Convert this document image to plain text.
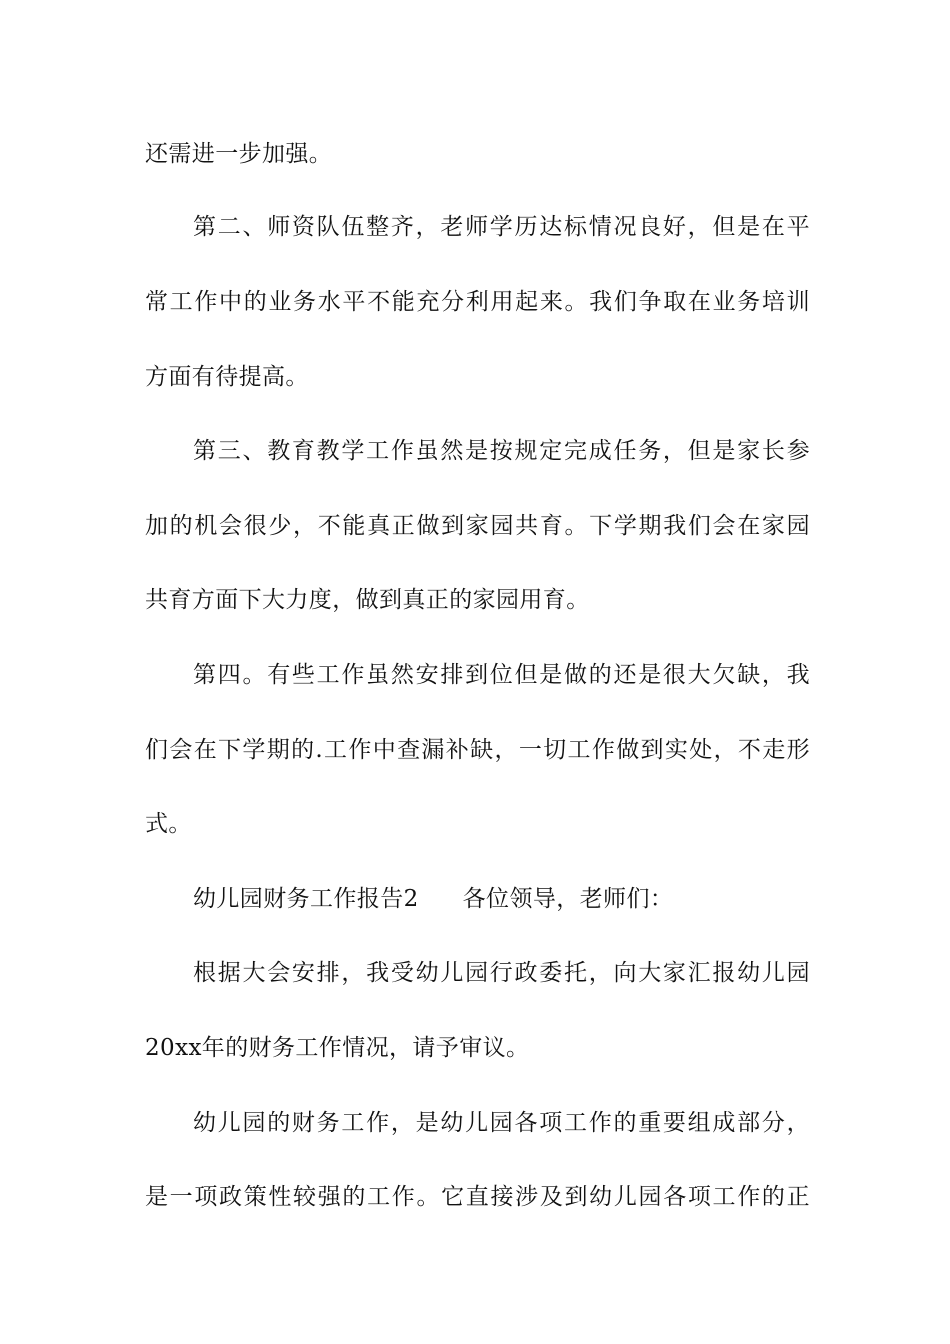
还需进一步加强。
第二、师资队伍整齐，老师学历达标情况良好，但是在平
常工作中的业务水平不能充分利用起来。我们争取在业务培训
方面有待提高。
第三、教育教学工作虽然是按规定完成任务，但是家长参
加的机会很少，不能真正做到家园共育。下学期我们会在家园
共育方面下大力度，做到真正的家园用育。
第四。有些工作虽然安排到位但是做的还是很大欠缺，我
们会在下学期的.工作中查漏补缺，一切工作做到实处，不走形
式。
幼儿园财务工作报告2 各位领导，老师们：
根据大会安排，我受幼儿园行政委托，向大家汇报幼儿园
20xx年的财务工作情况，请予审议。
幼儿园的财务工作，是幼儿园各项工作的重要组成部分，
是一项政策性较强的工作。它直接涉及到幼儿园各项工作的正
